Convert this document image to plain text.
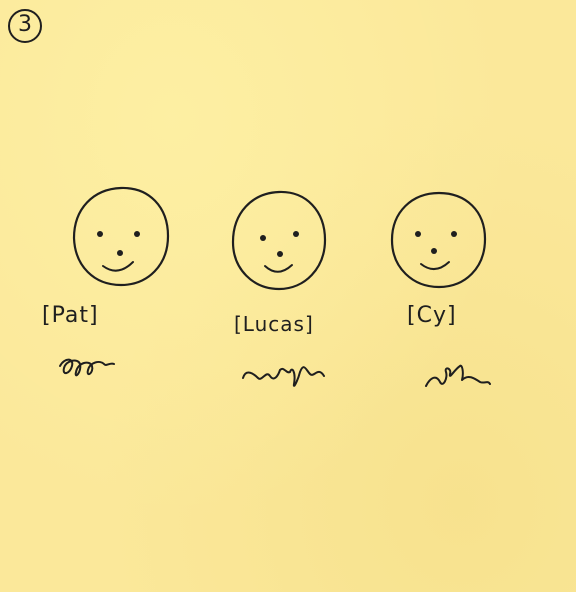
3
[Pat]	[Lucas]	[Cy]
